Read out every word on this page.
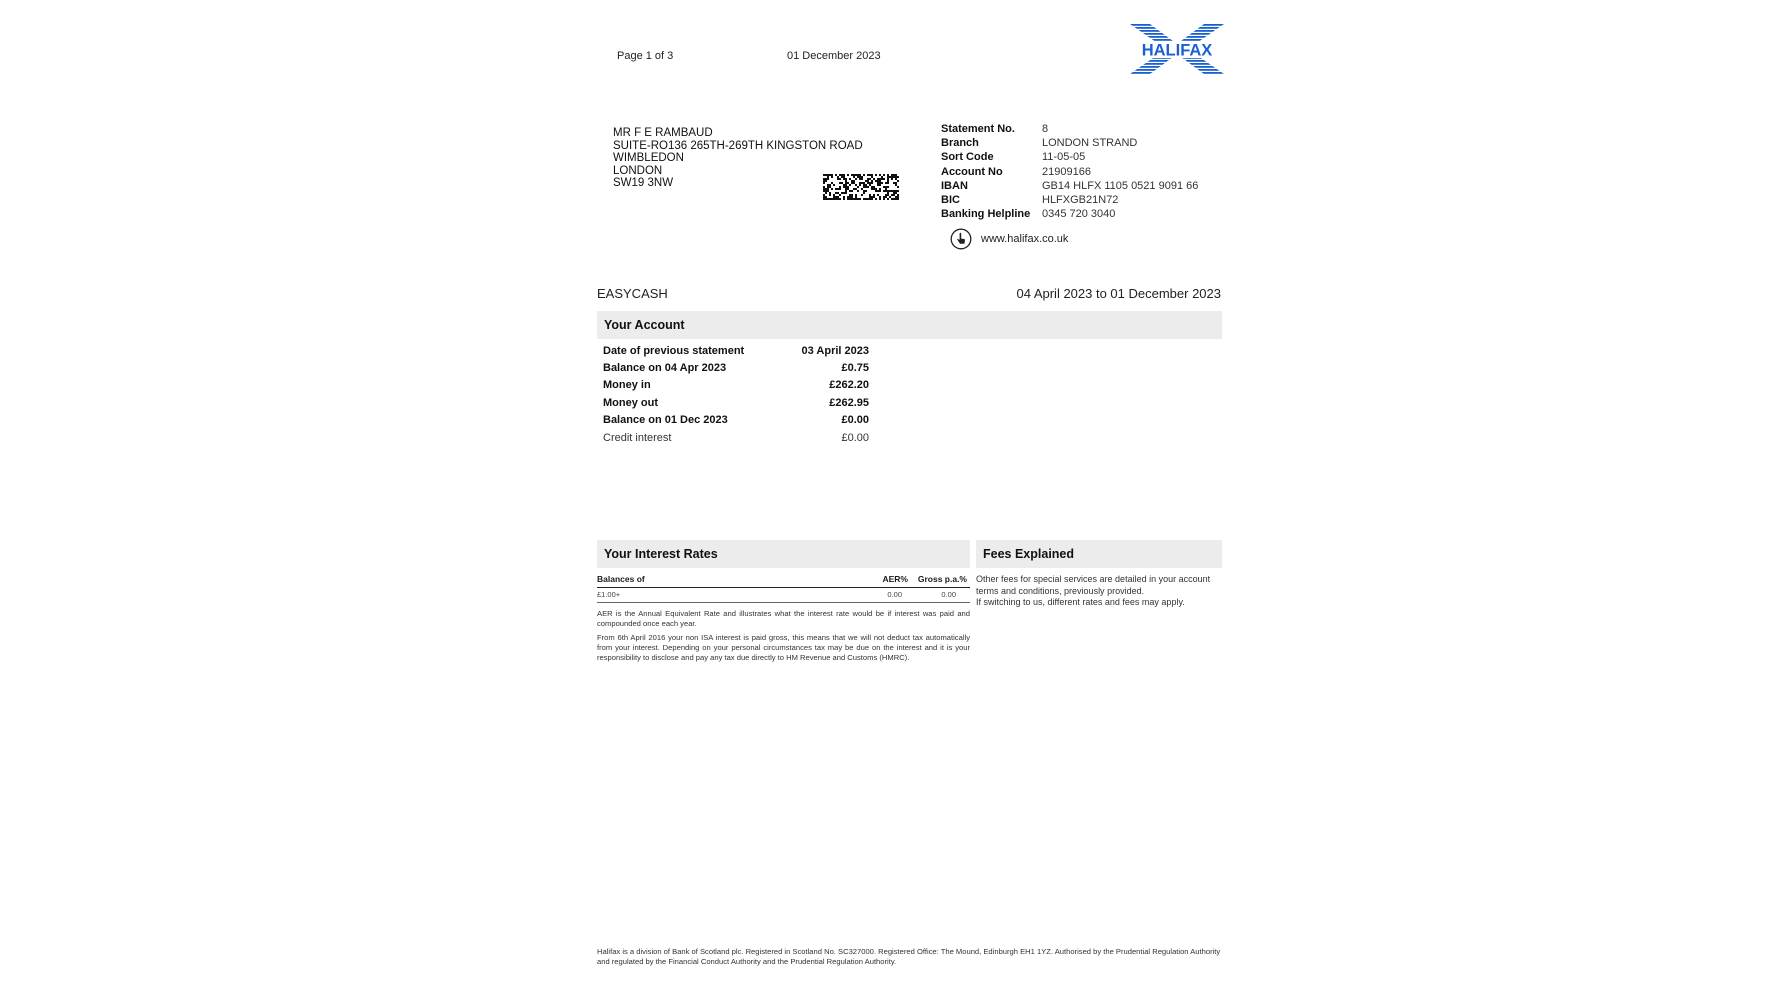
Page 1 of 3	01 December 2023	HALIFAX
MR F E RAMBAUD
SUITE-RO136 265TH-269TH KINGSTON ROAD
WIMBLEDON
LONDON
SW19 3NW
Statement No.	8
Branch	LONDON STRAND
Sort Code	11-05-05
Account No	21909166
IBAN	GB14 HLFX 1105 0521 9091 66
BIC	HLFXGB21N72
Banking Helpline	0345 720 3040
www.halifax.co.uk
EASYCASH	04 April 2023 to 01 December 2023
Your Account
Date of previous statement	03 April 2023
Balance on 04 Apr 2023	£0.75
Money in	£262.20
Money out	£262.95
Balance on 01 Dec 2023	£0.00
Credit interest	£0.00
Your Interest Rates
Balances of	AER%	Gross p.a.%
£1.00+	0.00	0.00
AER is the Annual Equivalent Rate and illustrates what the interest rate would be if interest was paid and compounded once each year.
From 6th April 2016 your non ISA interest is paid gross, this means that we will not deduct tax automatically from your interest. Depending on your personal circumstances tax may be due on the interest and it is your responsibility to disclose and pay any tax due directly to HM Revenue and Customs (HMRC).
Fees Explained
Other fees for special services are detailed in your account
terms and conditions, previously provided.
If switching to us, different rates and fees may apply.
Halifax is a division of Bank of Scotland plc. Registered in Scotland No. SC327000. Registered Office: The Mound, Edinburgh EH1 1YZ. Authorised by the Prudential Regulation Authority and regulated by the Financial Conduct Authority and the Prudential Regulation Authority.
